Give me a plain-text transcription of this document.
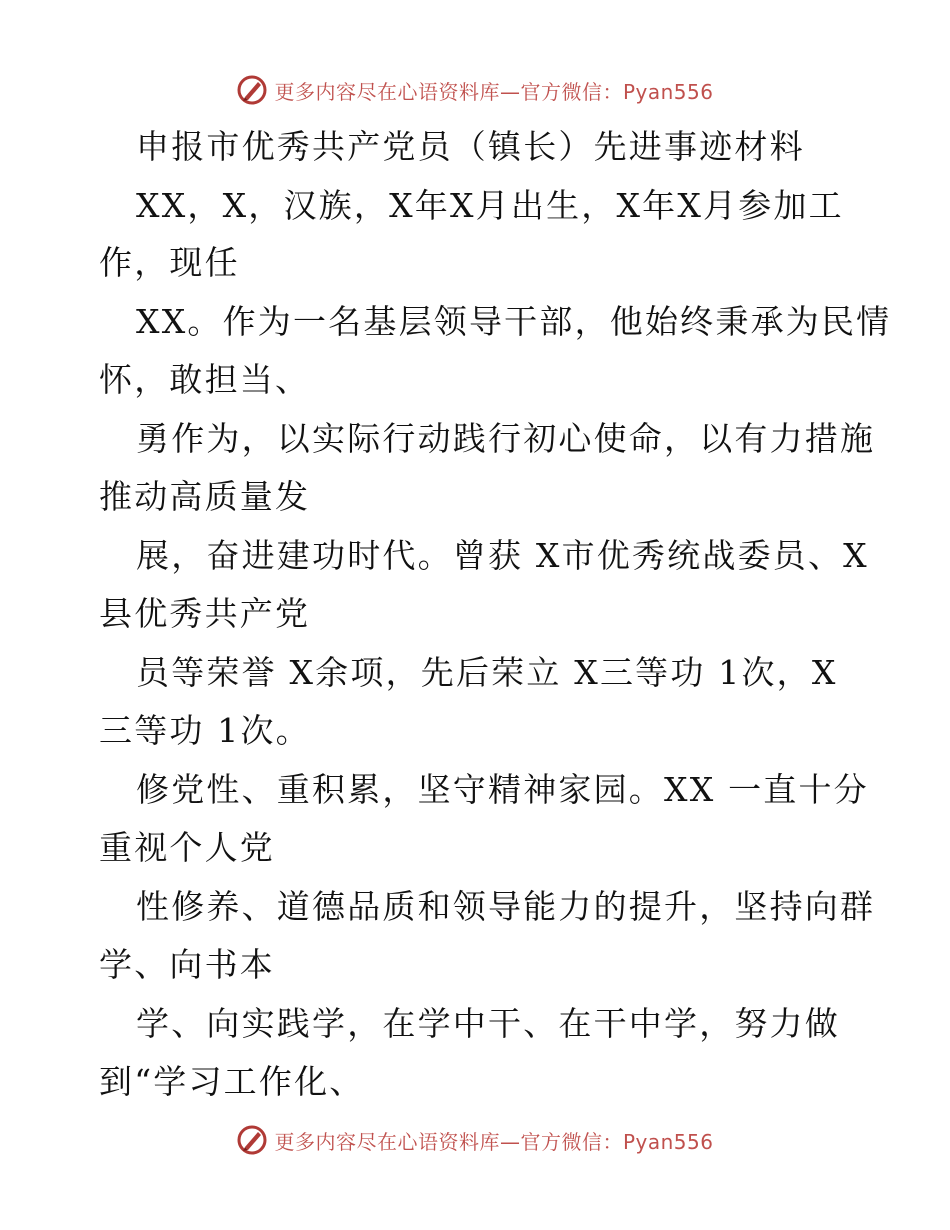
更多内容尽在心语资料库—官方微信：Pyan556
申报市优秀共产党员（镇长）先进事迹材料
XX，X，汉族，X年X月出生，X年X月参加工
作，现任
XX。作为一名基层领导干部，他始终秉承为民情
怀，敢担当、
勇作为，以实际行动践行初心使命，以有力措施
推动高质量发
展，奋进建功时代。曾获 X市优秀统战委员、X
县优秀共产党
员等荣誉 X余项，先后荣立 X三等功 1次，X
三等功 1次。
修党性、重积累，坚守精神家园。XX 一直十分
重视个人党
性修养、道德品质和领导能力的提升，坚持向群
学、向书本
学、向实践学，在学中干、在干中学，努力做
到“学习工作化、
更多内容尽在心语资料库—官方微信：Pyan556
